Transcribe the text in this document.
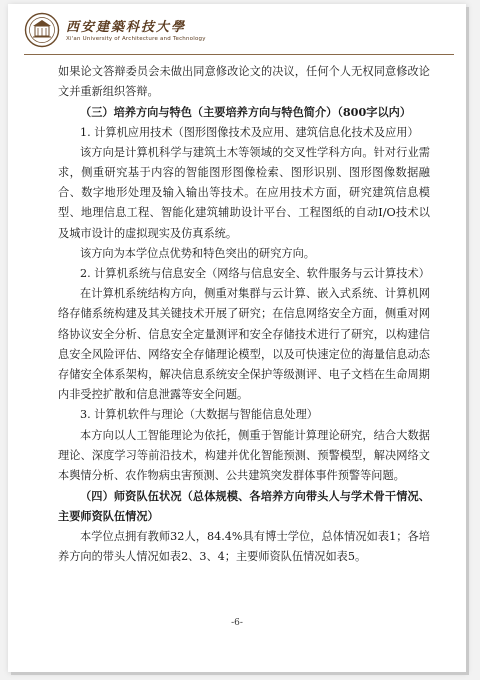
西安建築科技大學
Xi'an University of Architecture and Technology

如果论文答辩委员会未做出同意修改论文的决议，任何个人无权同意修改论文并重新组织答辩。

（三）培养方向与特色（主要培养方向与特色简介）（800字以内）

1. 计算机应用技术（图形图像技术及应用、建筑信息化技术及应用）

该方向是计算机科学与建筑土木等领域的交叉性学科方向。针对行业需求，侧重研究基于内容的智能图形图像检索、图形识别、图形图像数据融合、数字地形处理及输入输出等技术。在应用技术方面，研究建筑信息模型、地理信息工程、智能化建筑辅助设计平台、工程图纸的自动I/O技术以及城市设计的虚拟现实及仿真系统。

该方向为本学位点优势和特色突出的研究方向。

2. 计算机系统与信息安全（网络与信息安全、软件服务与云计算技术）

在计算机系统结构方向，侧重对集群与云计算、嵌入式系统、计算机网络存储系统构建及其关键技术开展了研究；在信息网络安全方面，侧重对网络协议安全分析、信息安全定量测评和安全存储技术进行了研究，以构建信息安全风险评估、网络安全存储理论模型，以及可快速定位的海量信息动态存储安全体系架构，解决信息系统安全保护等级测评、电子文档在生命周期内非受控扩散和信息泄露等安全问题。

3. 计算机软件与理论（大数据与智能信息处理）

本方向以人工智能理论为依托，侧重于智能计算理论研究，结合大数据理论、深度学习等前沿技术，构建并优化智能预测、预警模型，解决网络文本舆情分析、农作物病虫害预测、公共建筑突发群体事件预警等问题。

（四）师资队伍状况（总体规模、各培养方向带头人与学术骨干情况、主要师资队伍情况）

本学位点拥有教师32人，84.4%具有博士学位，总体情况如表1；各培养方向的带头人情况如表2、3、4；主要师资队伍情况如表5。

-6-
